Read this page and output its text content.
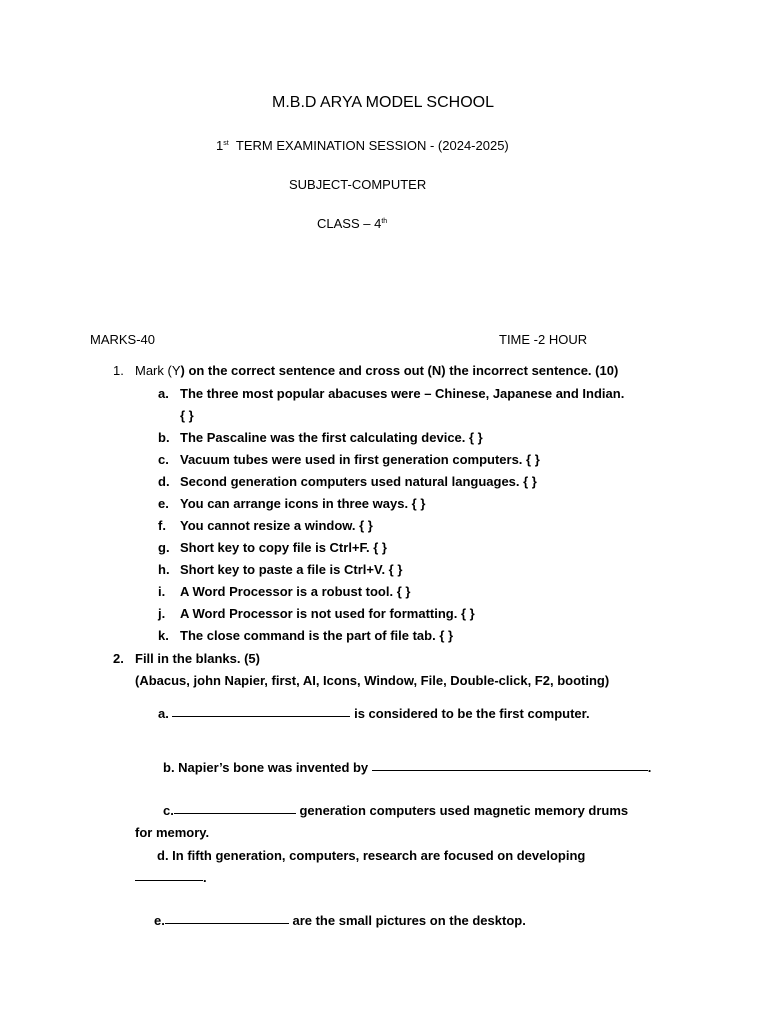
M.B.D ARYA MODEL SCHOOL
1st TERM EXAMINATION SESSION - (2024-2025)
SUBJECT-COMPUTER
CLASS – 4th
MARKS-40	TIME -2 HOUR
1. Mark (Y) on the correct sentence and cross out (N) the incorrect sentence. (10)
a. The three most popular abacuses were – Chinese, Japanese and Indian.
{ }
b. The Pascaline was the first calculating device. { }
c. Vacuum tubes were used in first generation computers. { }
d. Second generation computers used natural languages. { }
e. You can arrange icons in three ways. { }
f. You cannot resize a window. { }
g. Short key to copy file is Ctrl+F. { }
h. Short key to paste a file is Ctrl+V. { }
i. A Word Processor is a robust tool. { }
j. A Word Processor is not used for formatting. { }
k. The close command is the part of file tab. { }
2. Fill in the blanks. (5)
(Abacus, john Napier, first, AI, Icons, Window, File, Double-click, F2, booting)
a.	is considered to be the first computer.
b. Napier’s bone was invented by	.
c.	generation computers used magnetic memory drums
for memory.
d. In fifth generation, computers, research are focused on developing
.
e.	are the small pictures on the desktop.
